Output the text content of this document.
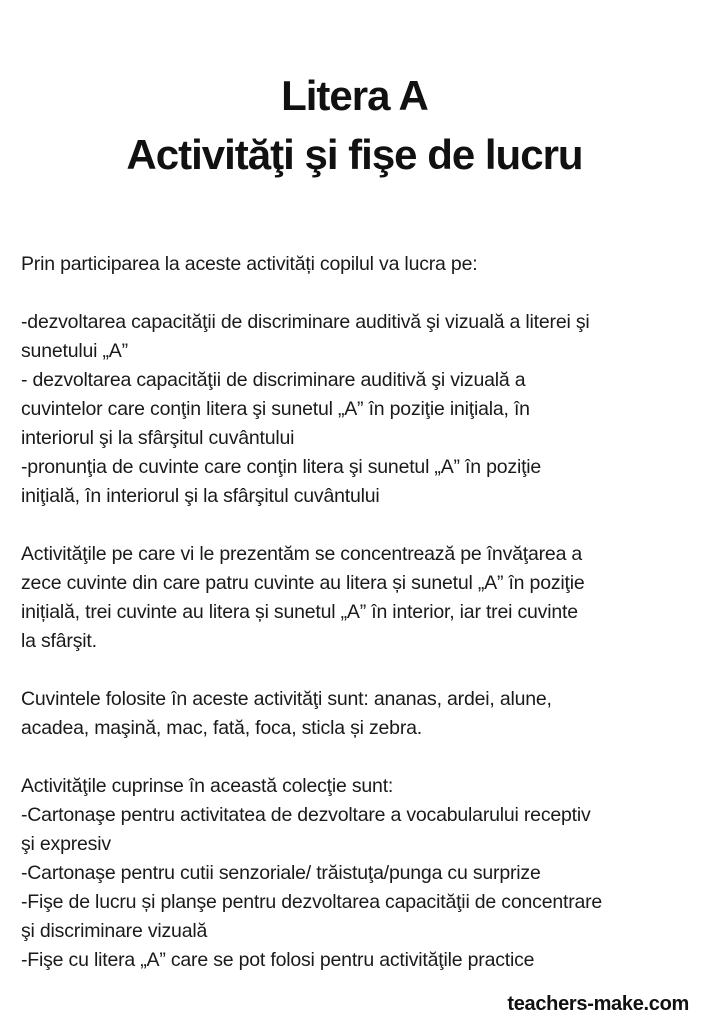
Litera A
Activităţi şi fişe de lucru
Prin participarea la aceste activități copilul va lucra pe:
-dezvoltarea capacităţii de discriminare auditivă şi vizuală a literei şi
sunetului „A”
- dezvoltarea capacităţii de discriminare auditivă şi vizuală a
cuvintelor care conţin litera şi sunetul „A” în poziţie iniţiala, în
interiorul şi la sfârşitul cuvântului
-pronunţia de cuvinte care conţin litera şi sunetul „A” în poziţie
iniţială, în interiorul şi la sfârşitul cuvântului
Activităţile pe care vi le prezentăm se concentrează pe învăţarea a
zece cuvinte din care patru cuvinte au litera și sunetul „A” în poziţie
inițială, trei cuvinte au litera și sunetul „A” în interior, iar trei cuvinte
la sfârşit.
Cuvintele folosite în aceste activităţi sunt: ananas, ardei, alune,
acadea, maşină, mac, fată, foca, sticla și zebra.
Activităţile cuprinse în această colecţie sunt:
-Cartonaşe pentru activitatea de dezvoltare a vocabularului receptiv
şi expresiv
-Cartonaşe pentru cutii senzoriale/ trăistuţa/punga cu surprize
-Fişe de lucru și planşe pentru dezvoltarea capacităţii de concentrare
şi discriminare vizuală
-Fişe cu litera „A” care se pot folosi pentru activităţile practice
teachers-make.com
